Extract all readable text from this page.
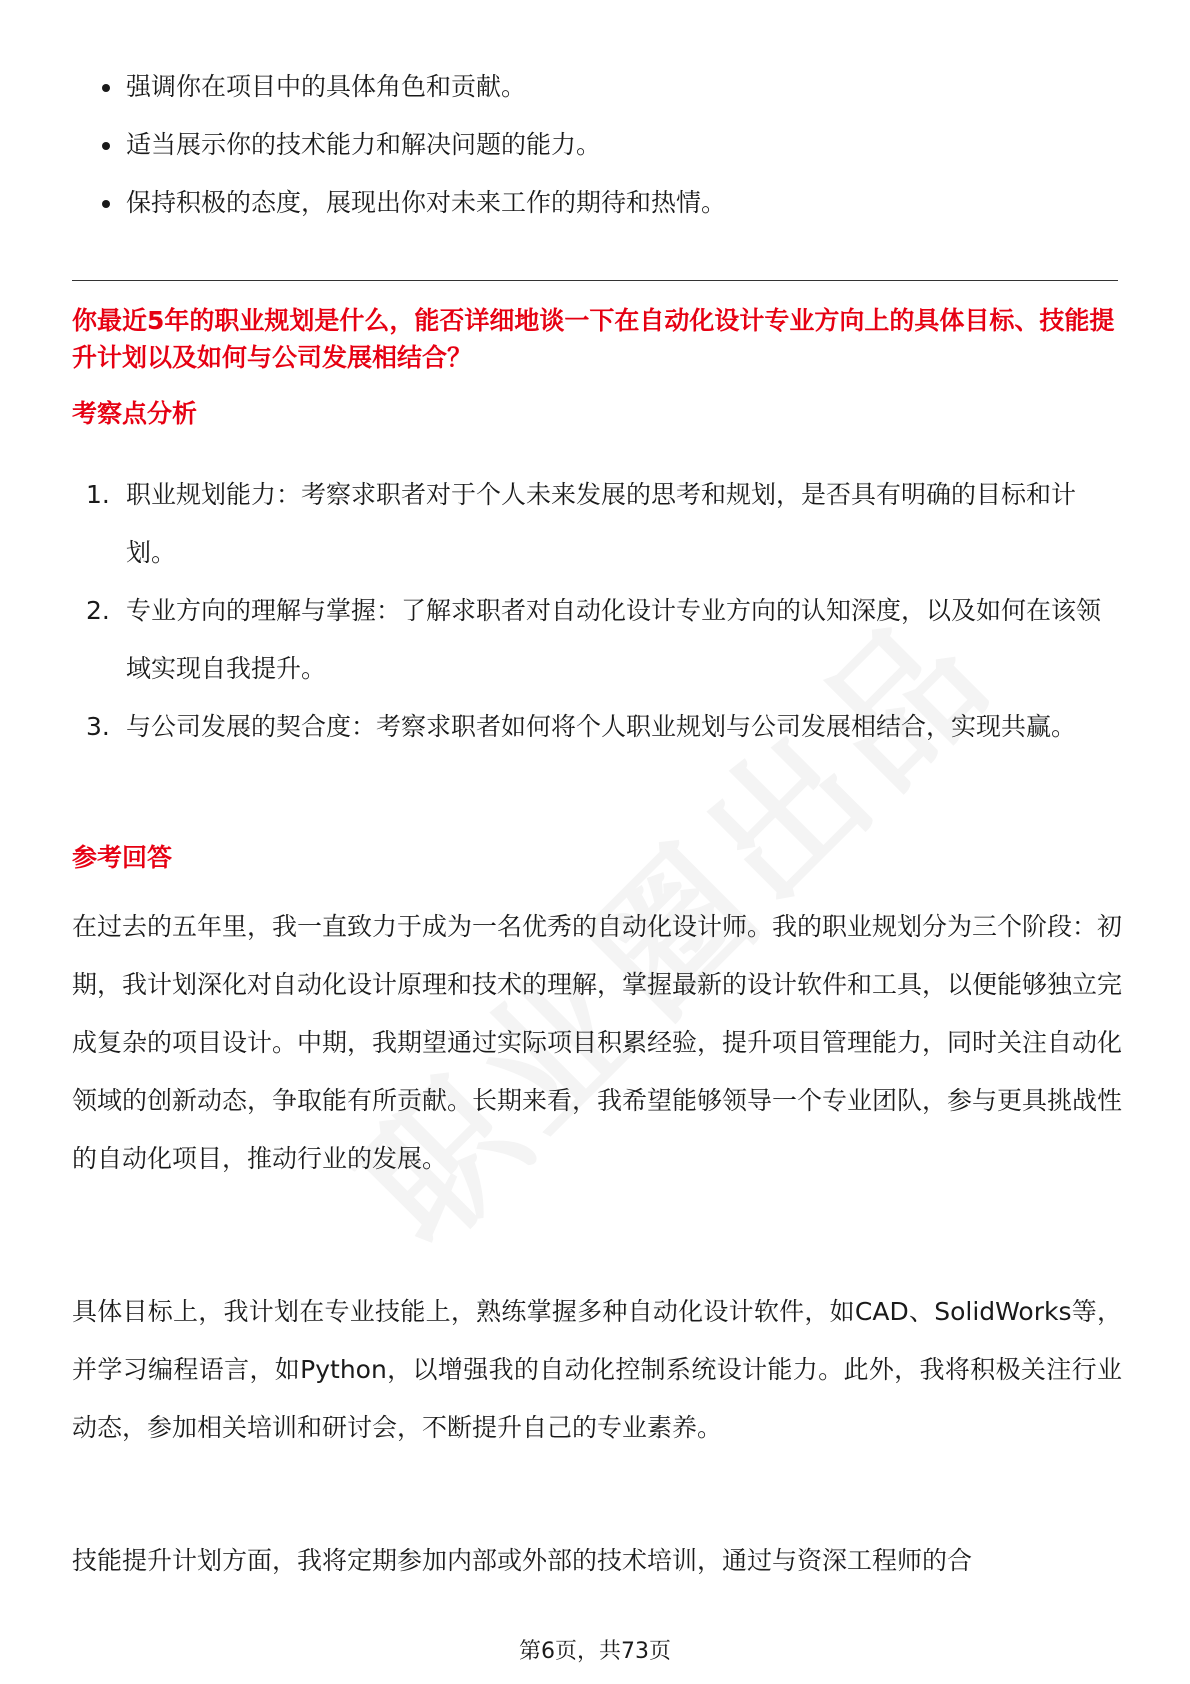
强调你在项目中的具体角色和贡献。
适当展示你的技术能力和解决问题的能力。
保持积极的态度，展现出你对未来工作的期待和热情。
你最近5年的职业规划是什么，能否详细地谈一下在自动化设计专业方向上的具体目标、技能提升计划以及如何与公司发展相结合？
考察点分析
1. 职业规划能力：考察求职者对于个人未来发展的思考和规划，是否具有明确的目标和计划。
2. 专业方向的理解与掌握：了解求职者对自动化设计专业方向的认知深度，以及如何在该领域实现自我提升。
3. 与公司发展的契合度：考察求职者如何将个人职业规划与公司发展相结合，实现共赢。
参考回答

在过去的五年里，我一直致力于成为一名优秀的自动化设计师。我的职业规划分为三个阶段：初期，我计划深化对自动化设计原理和技术的理解，掌握最新的设计软件和工具，以便能够独立完成复杂的项目设计。中期，我期望通过实际项目积累经验，提升项目管理能力，同时关注自动化领域的创新动态，争取能有所贡献。长期来看，我希望能够领导一个专业团队，参与更具挑战性的自动化项目，推动行业的发展。

具体目标上，我计划在专业技能上，熟练掌握多种自动化设计软件，如CAD、SolidWorks等，并学习编程语言，如Python，以增强我的自动化控制系统设计能力。此外，我将积极关注行业动态，参加相关培训和研讨会，不断提升自己的专业素养。

技能提升计划方面，我将定期参加内部或外部的技术培训，通过与资深工程师的合

第6页，共73页
